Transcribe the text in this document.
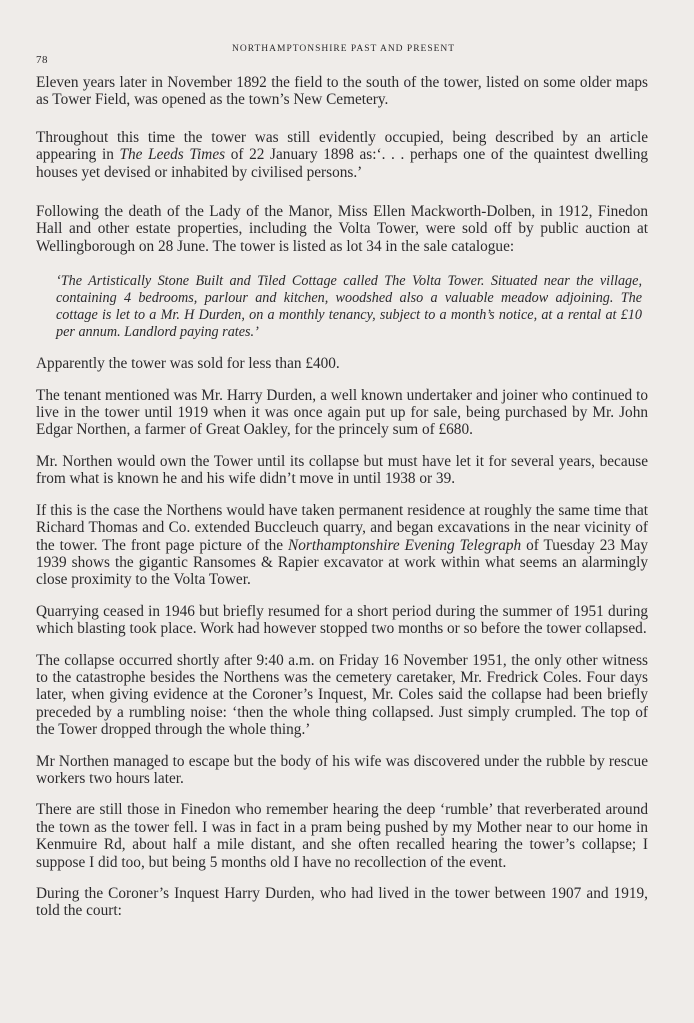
78
NORTHAMPTONSHIRE PAST AND PRESENT

Eleven years later in November 1892 the field to the south of the tower, listed on some older maps as Tower Field, was opened as the town’s New Cemetery.

Throughout this time the tower was still evidently occupied, being described by an article appearing in The Leeds Times of 22 January 1898 as:‘. . . perhaps one of the quaintest dwelling houses yet devised or inhabited by civilised persons.’

Following the death of the Lady of the Manor, Miss Ellen Mackworth-Dolben, in 1912, Finedon Hall and other estate properties, including the Volta Tower, were sold off by public auction at Wellingborough on 28 June. The tower is listed as lot 34 in the sale catalogue:

‘The Artistically Stone Built and Tiled Cottage called The Volta Tower. Situated near the village, containing 4 bedrooms, parlour and kitchen, woodshed also a valuable meadow adjoining. The cottage is let to a Mr. H Durden, on a monthly tenancy, subject to a month’s notice, at a rental at £10 per annum. Landlord paying rates.’

Apparently the tower was sold for less than £400.

The tenant mentioned was Mr. Harry Durden, a well known undertaker and joiner who continued to live in the tower until 1919 when it was once again put up for sale, being purchased by Mr. John Edgar Northen, a farmer of Great Oakley, for the princely sum of £680.

Mr. Northen would own the Tower until its collapse but must have let it for several years, because from what is known he and his wife didn’t move in until 1938 or 39.

If this is the case the Northens would have taken permanent residence at roughly the same time that Richard Thomas and Co. extended Buccleuch quarry, and began excavations in the near vicinity of the tower. The front page picture of the Northamptonshire Evening Telegraph of Tuesday 23 May 1939 shows the gigantic Ransomes & Rapier excavator at work within what seems an alarmingly close proximity to the Volta Tower.

Quarrying ceased in 1946 but briefly resumed for a short period during the summer of 1951 during which blasting took place. Work had however stopped two months or so before the tower collapsed.

The collapse occurred shortly after 9:40 a.m. on Friday 16 November 1951, the only other witness to the catastrophe besides the Northens was the cemetery caretaker, Mr. Fredrick Coles. Four days later, when giving evidence at the Coroner’s Inquest, Mr. Coles said the collapse had been briefly preceded by a rumbling noise: ‘then the whole thing collapsed. Just simply crumpled. The top of the Tower dropped through the whole thing.’

Mr Northen managed to escape but the body of his wife was discovered under the rubble by rescue workers two hours later.

There are still those in Finedon who remember hearing the deep ‘rumble’ that reverberated around the town as the tower fell. I was in fact in a pram being pushed by my Mother near to our home in Kenmuire Rd, about half a mile distant, and she often recalled hearing the tower’s collapse; I suppose I did too, but being 5 months old I have no recollection of the event.

During the Coroner’s Inquest Harry Durden, who had lived in the tower between 1907 and 1919, told the court:
